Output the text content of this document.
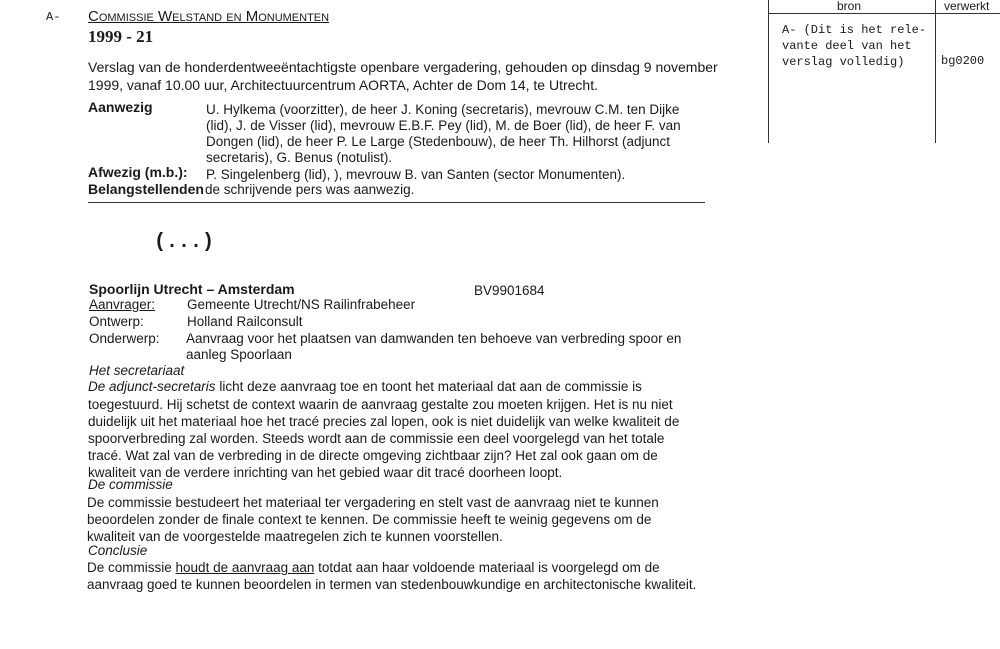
A- Commissie Welstand en Monumenten
1999 - 21
Verslag van de honderdentweeëntachtigste openbare vergadering, gehouden op dinsdag 9 november
1999, vanaf 10.00 uur, Architectuurcentrum AORTA, Achter de Dom 14, te Utrecht.
Aanwezig	U. Hylkema (voorzitter), de heer J. Koning (secretaris), mevrouw C.M. ten Dijke
(lid), J. de Visser (lid), mevrouw E.B.F. Pey (lid), M. de Boer (lid), de heer F. van
Dongen (lid), de heer P. Le Large (Stedenbouw), de heer Th. Hilhorst (adjunct
secretaris), G. Benus (notulist).
Afwezig (m.b.): P. Singelenberg (lid), ), mevrouw B. van Santen (sector Monumenten).
Belangstellenden de schrijvende pers was aanwezig.
(...)
Spoorlijn Utrecht – Amsterdam	BV9901684
Aanvrager: Gemeente Utrecht/NS Railinfrabeheer
Ontwerp:	Holland Railconsult
Onderwerp: Aanvraag voor het plaatsen van damwanden ten behoeve van verbreding spoor en
aanleg Spoorlaan
Het secretariaat
De adjunct-secretaris licht deze aanvraag toe en toont het materiaal dat aan de commissie is
toegestuurd. Hij schetst de context waarin de aanvraag gestalte zou moeten krijgen. Het is nu niet
duidelijk uit het materiaal hoe het tracé precies zal lopen, ook is niet duidelijk van welke kwaliteit de
spoorverbreding zal worden. Steeds wordt aan de commissie een deel voorgelegd van het totale
tracé. Wat zal van de verbreding in de directe omgeving zichtbaar zijn? Het zal ook gaan om de
kwaliteit van de verdere inrichting van het gebied waar dit tracé doorheen loopt.
De commissie
De commissie bestudeert het materiaal ter vergadering en stelt vast de aanvraag niet te kunnen
beoordelen zonder de finale context te kennen. De commissie heeft te weinig gegevens om de
kwaliteit van de voorgestelde maatregelen zich te kunnen voorstellen.
Conclusie
De commissie houdt de aanvraag aan totdat aan haar voldoende materiaal is voorgelegd om de
aanvraag goed te kunnen beoordelen in termen van stedenbouwkundige en architectonische kwaliteit.
bron	verwerkt
A- (Dit is het rele-
vante deel van het
verslag volledig)	bg0200
